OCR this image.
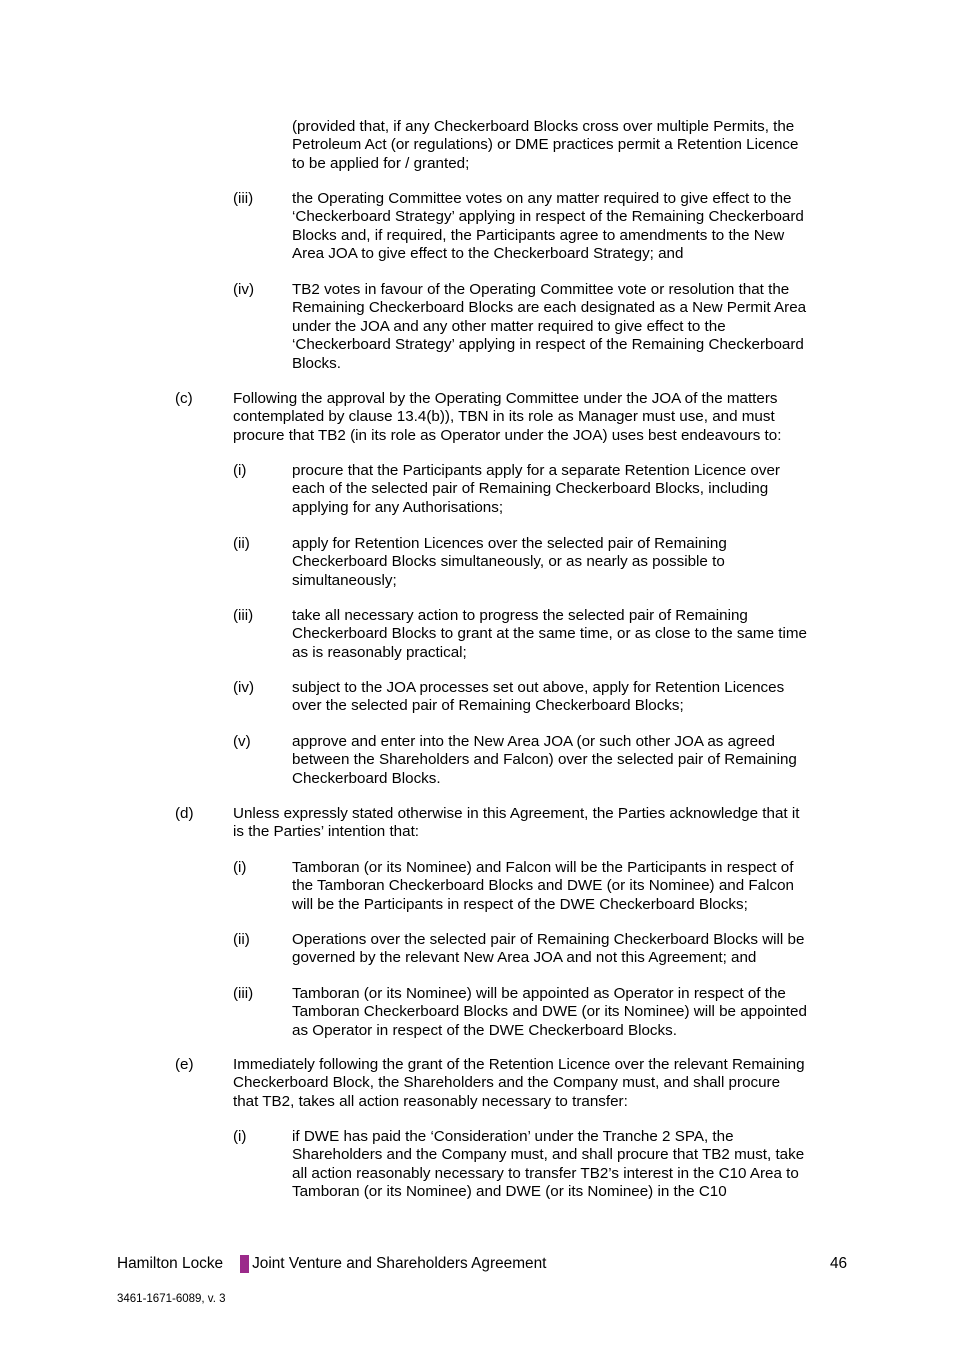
(provided that, if any Checkerboard Blocks cross over multiple Permits, the
Petroleum Act (or regulations) or DME practices permit a Retention Licence
to be applied for / granted;
(iii)	the Operating Committee votes on any matter required to give effect to the
‘Checkerboard Strategy’ applying in respect of the Remaining Checkerboard
Blocks and, if required, the Participants agree to amendments to the New
Area JOA to give effect to the Checkerboard Strategy; and
(iv) TB2 votes in favour of the Operating Committee vote or resolution that the
Remaining Checkerboard Blocks are each designated as a New Permit Area
under the JOA and any other matter required to give effect to the
‘Checkerboard Strategy’ applying in respect of the Remaining Checkerboard
Blocks.
(c)	Following the approval by the Operating Committee under the JOA of the matters
contemplated by clause 13.4(b)), TBN in its role as Manager must use, and must
procure that TB2 (in its role as Operator under the JOA) uses best endeavours to:
(i)	procure that the Participants apply for a separate Retention Licence over
each of the selected pair of Remaining Checkerboard Blocks, including
applying for any Authorisations;
(ii)	apply for Retention Licences over the selected pair of Remaining
Checkerboard Blocks simultaneously, or as nearly as possible to
simultaneously;
(iii)	take all necessary action to progress the selected pair of Remaining
Checkerboard Blocks to grant at the same time, or as close to the same time
as is reasonably practical;
(iv) subject to the JOA processes set out above, apply for Retention Licences
over the selected pair of Remaining Checkerboard Blocks;
(v)	approve and enter into the New Area JOA (or such other JOA as agreed
between the Shareholders and Falcon) over the selected pair of Remaining
Checkerboard Blocks.
(d)	Unless expressly stated otherwise in this Agreement, the Parties acknowledge that it
is the Parties’ intention that:
(i)	Tamboran (or its Nominee) and Falcon will be the Participants in respect of
the Tamboran Checkerboard Blocks and DWE (or its Nominee) and Falcon
will be the Participants in respect of the DWE Checkerboard Blocks;
(ii)	Operations over the selected pair of Remaining Checkerboard Blocks will be
governed by the relevant New Area JOA and not this Agreement; and
(iii)	Tamboran (or its Nominee) will be appointed as Operator in respect of the
Tamboran Checkerboard Blocks and DWE (or its Nominee) will be appointed
as Operator in respect of the DWE Checkerboard Blocks.
(e)	Immediately following the grant of the Retention Licence over the relevant Remaining
Checkerboard Block, the Shareholders and the Company must, and shall procure
that TB2, takes all action reasonably necessary to transfer:
(i)	if DWE has paid the ‘Consideration’ under the Tranche 2 SPA, the
Shareholders and the Company must, and shall procure that TB2 must, take
all action reasonably necessary to transfer TB2’s interest in the C10 Area to
Tamboran (or its Nominee) and DWE (or its Nominee) in the C10
Hamilton Locke Joint Venture and Shareholders Agreement	46
3461-1671-6089, v. 3
